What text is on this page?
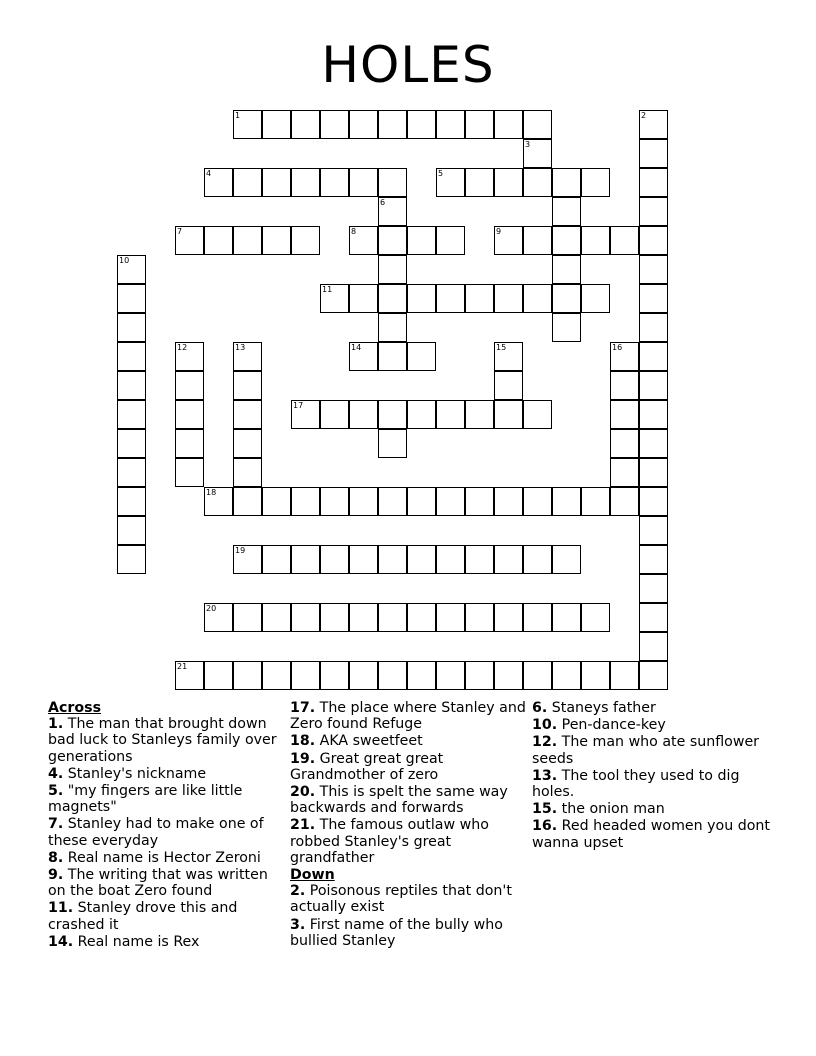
HOLES
1	2
3
4	5
6
7	8	9
10
11
12	13	14	15	16
17
18
19
20
21
Across
1. The man that brought down bad luck to Stanleys family over generations
4. Stanley's nickname
5. "my fingers are like little magnets"
7. Stanley had to make one of these everyday
8. Real name is Hector Zeroni
9. The writing that was written on the boat Zero found
11. Stanley drove this and crashed it
14. Real name is Rex
17. The place where Stanley and Zero found Refuge
18. AKA sweetfeet
19. Great great great Grandmother of zero
20. This is spelt the same way backwards and forwards
21. The famous outlaw who robbed Stanley's great grandfather
Down
2. Poisonous reptiles that don't actually exist
3. First name of the bully who bullied Stanley
6. Staneys father
10. Pen-dance-key
12. The man who ate sunflower seeds
13. The tool they used to dig holes.
15. the onion man
16. Red headed women you dont wanna upset
